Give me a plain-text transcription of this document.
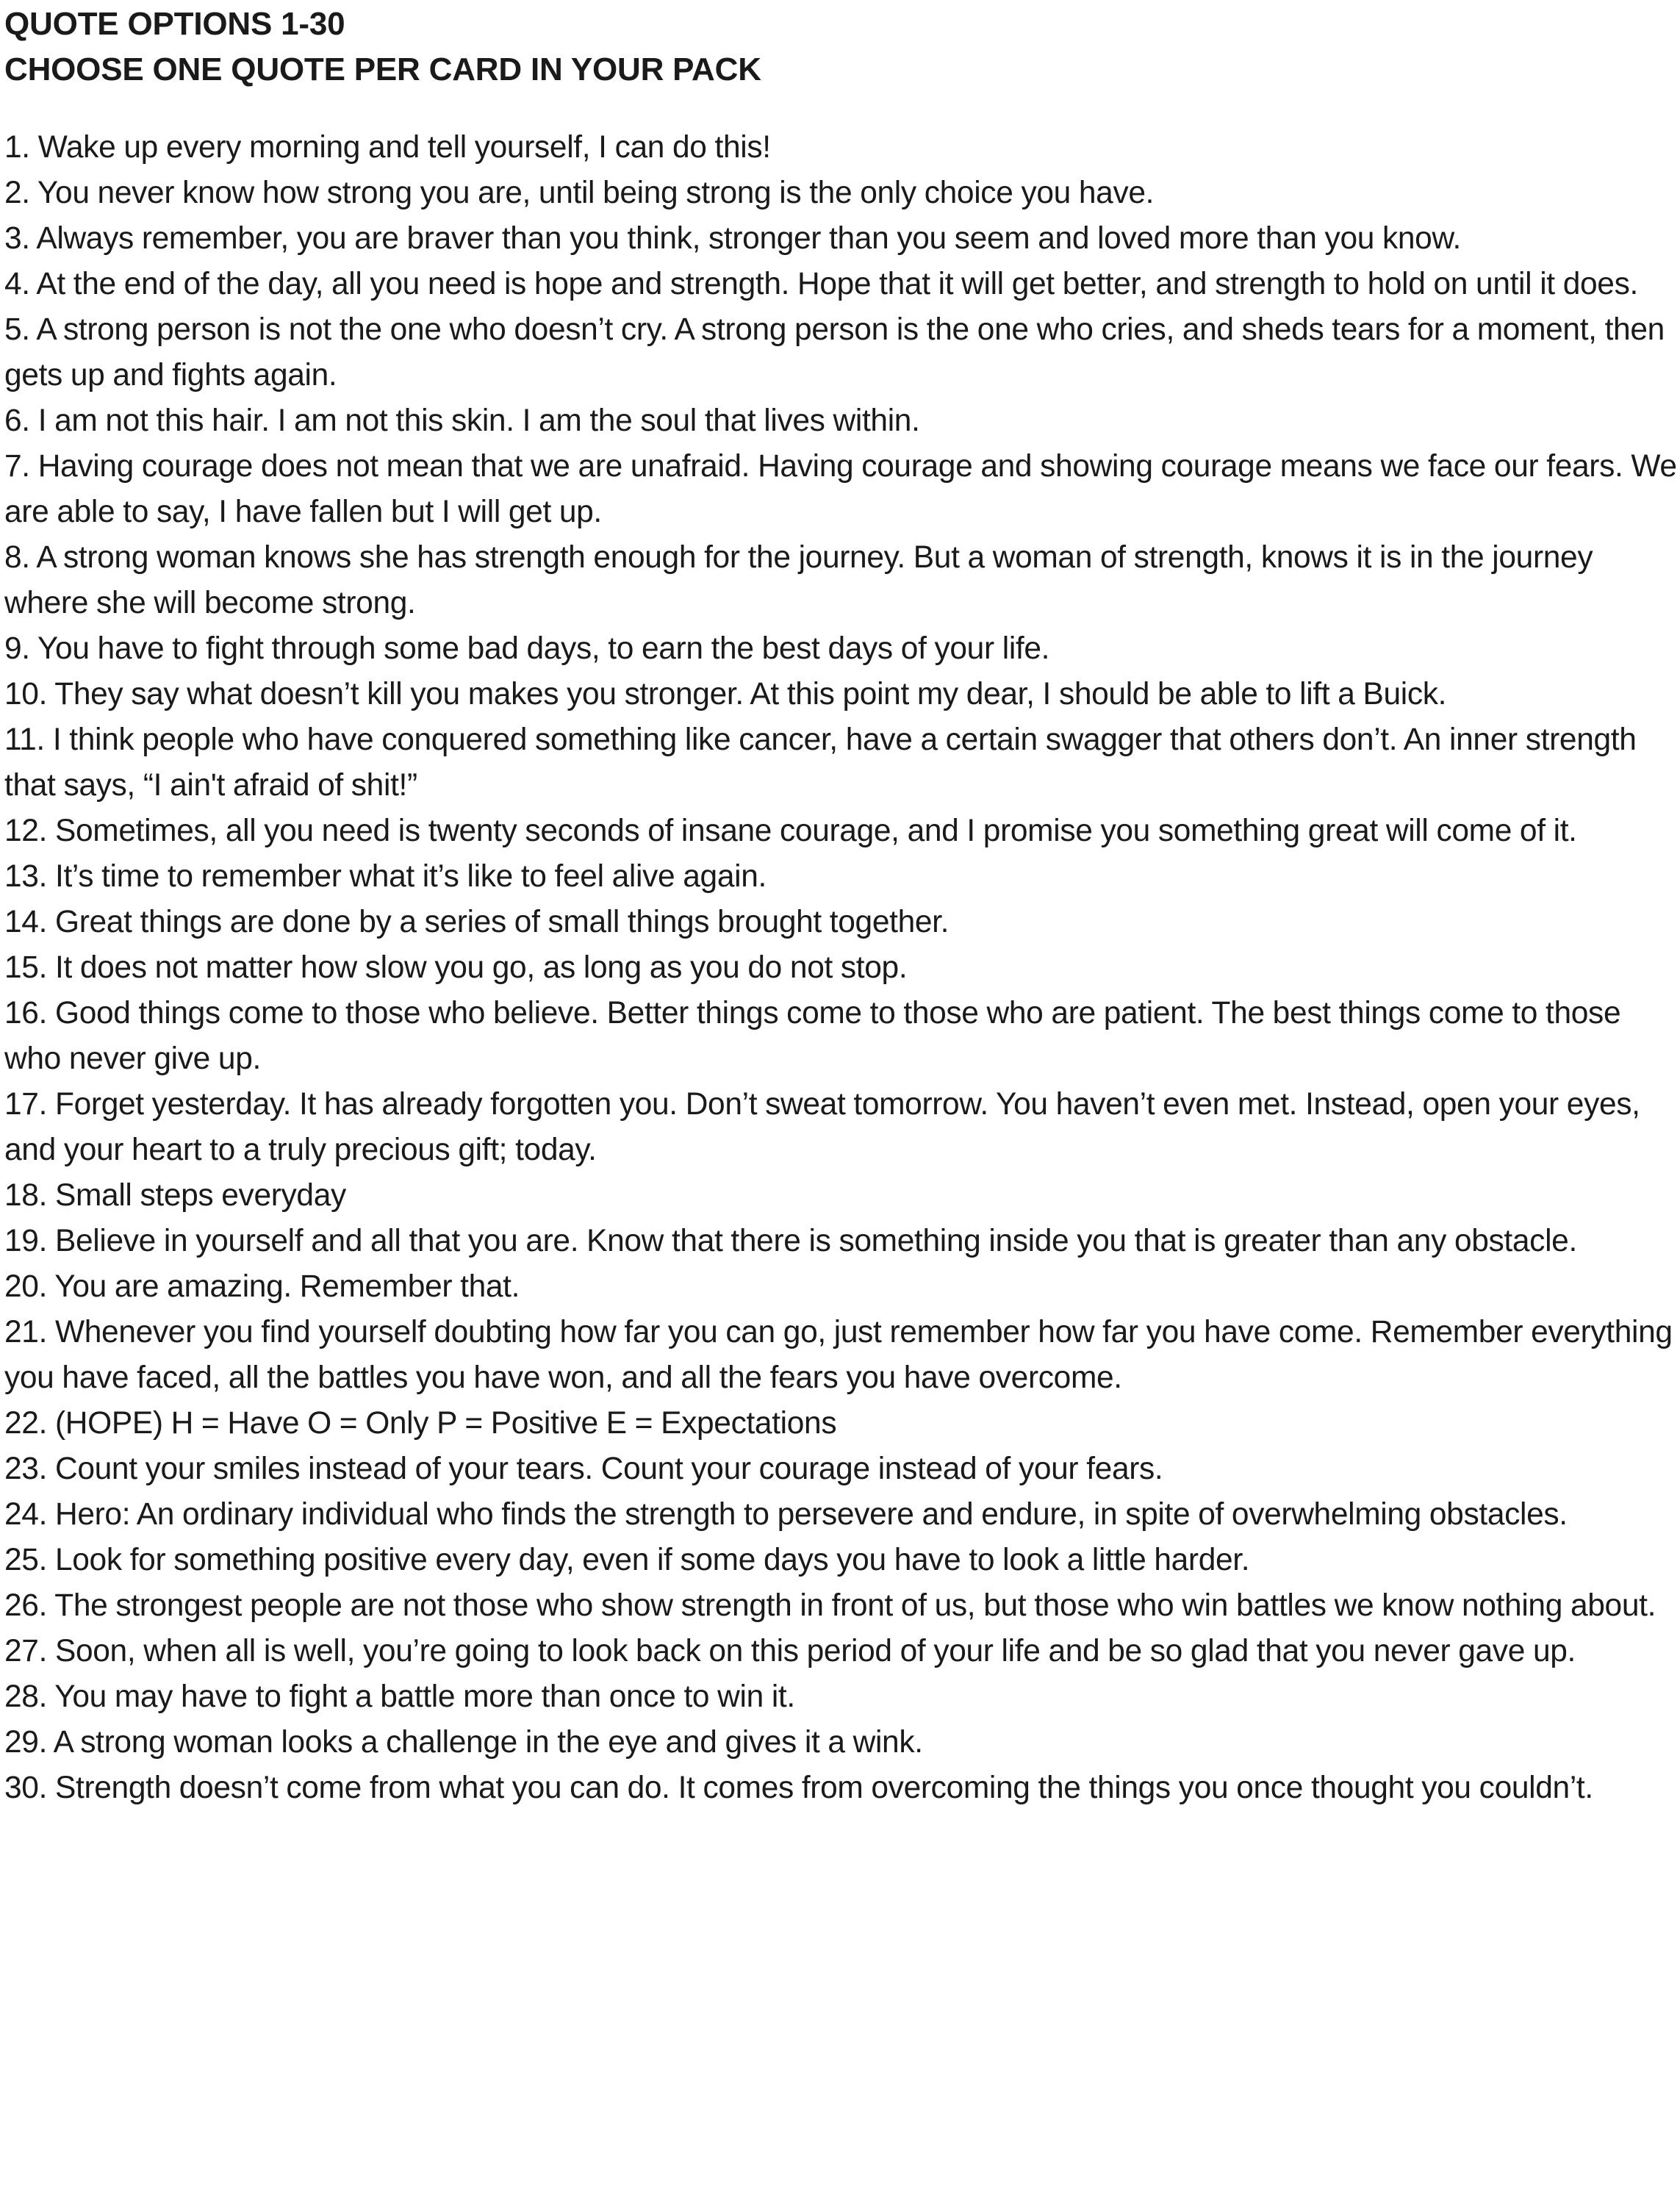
QUOTE OPTIONS 1-30
CHOOSE ONE QUOTE PER CARD IN YOUR PACK
1. Wake up every morning and tell yourself, I can do this!
2. You never know how strong you are, until being strong is the only choice you have.
3. Always remember, you are braver than you think, stronger than you seem and loved more than you know.
4. At the end of the day, all you need is hope and strength. Hope that it will get better, and strength to hold on until it does.
5. A strong person is not the one who doesn’t cry. A strong person is the one who cries, and sheds tears for a moment, then gets up and fights again.
6. I am not this hair. I am not this skin. I am the soul that lives within.
7. Having courage does not mean that we are unafraid. Having courage and showing courage means we face our fears. We are able to say, I have fallen but I will get up.
8. A strong woman knows she has strength enough for the journey. But a woman of strength, knows it is in the journey where she will become strong.
9. You have to fight through some bad days, to earn the best days of your life.
10. They say what doesn’t kill you makes you stronger. At this point my dear, I should be able to lift a Buick.
11. I think people who have conquered something like cancer, have a certain swagger that others don’t. An inner strength that says, “I ain't afraid of shit!”
12. Sometimes, all you need is twenty seconds of insane courage, and I promise you something great will come of it.
13. It’s time to remember what it’s like to feel alive again.
14. Great things are done by a series of small things brought together.
15. It does not matter how slow you go, as long as you do not stop.
16. Good things come to those who believe. Better things come to those who are patient. The best things come to those who never give up.
17. Forget yesterday. It has already forgotten you. Don’t sweat tomorrow. You haven’t even met. Instead, open your eyes, and your heart to a truly precious gift; today.
18. Small steps everyday
19. Believe in yourself and all that you are. Know that there is something inside you that is greater than any obstacle.
20. You are amazing. Remember that.
21. Whenever you find yourself doubting how far you can go, just remember how far you have come. Remember everything you have faced, all the battles you have won, and all the fears you have overcome.
22. (HOPE) H = Have O = Only P = Positive E = Expectations
23. Count your smiles instead of your tears. Count your courage instead of your fears.
24. Hero: An ordinary individual who finds the strength to persevere and endure, in spite of overwhelming obstacles.
25. Look for something positive every day, even if some days you have to look a little harder.
26. The strongest people are not those who show strength in front of us, but those who win battles we know nothing about.
27. Soon, when all is well, you’re going to look back on this period of your life and be so glad that you never gave up.
28. You may have to fight a battle more than once to win it.
29. A strong woman looks a challenge in the eye and gives it a wink.
30. Strength doesn’t come from what you can do. It comes from overcoming the things you once thought you couldn’t.
